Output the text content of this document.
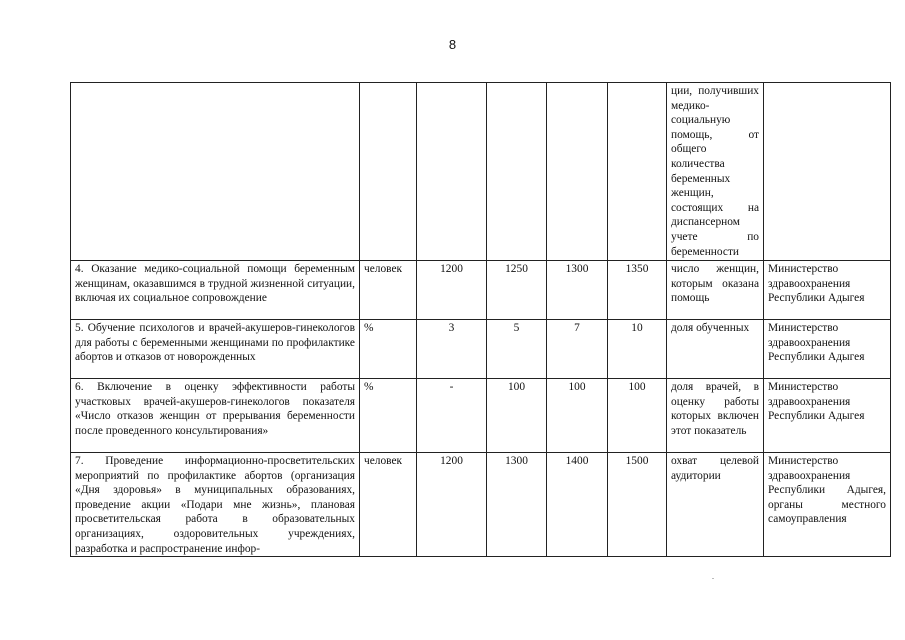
8
						ции, получивших медико-социальную помощь, от общего количества беременных женщин, состоящих на диспансерном учете по беременности	
4. Оказание медико-социальной помощи беременным женщинам, оказавшимся в трудной жизненной ситуации, включая их социальное сопровождение	человек	1200	1250	1300	1350	число женщин, которым оказана помощь	Министерство здравоохранения Республики Адыгея
5. Обучение психологов и врачей-акушеров-гинекологов для работы с беременными женщинами по профилактике абортов и отказов от новорожденных	%	3	5	7	10	доля обученных	Министерство здравоохранения Республики Адыгея
6. Включение в оценку эффективности работы участковых врачей-акушеров-гинекологов показателя «Число отказов женщин от прерывания беременности после проведенного консультирования»	%	-	100	100	100	доля врачей, в оценку работы которых включен этот показатель	Министерство здравоохранения Республики Адыгея
7. Проведение информационно-просветительских мероприятий по профилактике абортов (организация «Дня здоровья» в муниципальных образованиях, проведение акции «Подари мне жизнь», плановая просветительская работа в образовательных организациях, оздоровительных учреждениях, разработка и распространение инфор-	человек	1200	1300	1400	1500	охват целевой аудитории	Министерство здравоохранения Республики Адыгея, органы местного самоуправления
